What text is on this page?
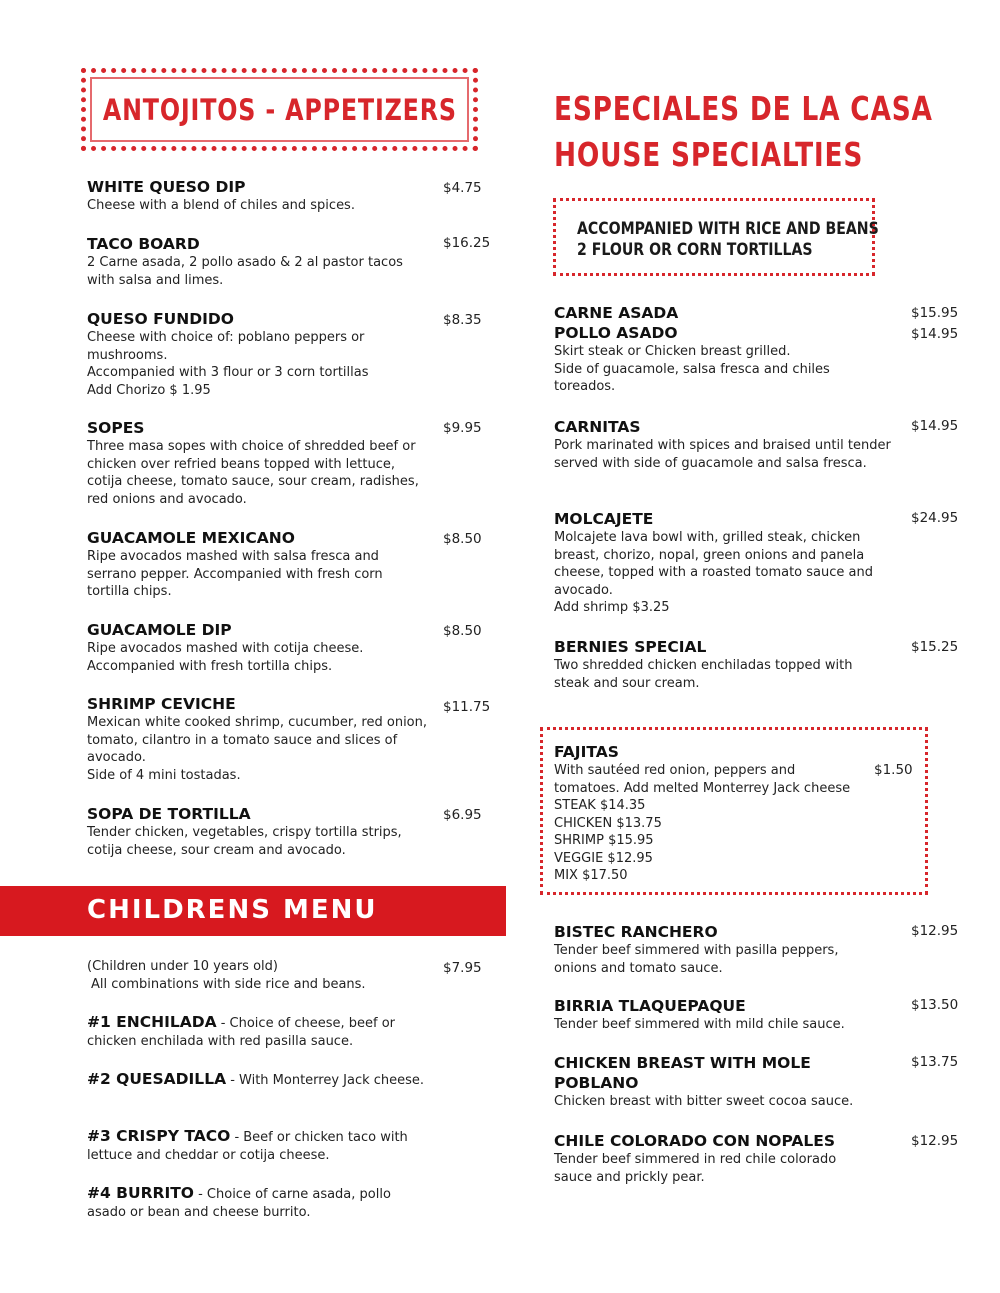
ANTOJITOS - APPETIZERS
WHITE QUESO DIP
Cheese with a blend of chiles and spices.
$4.75
TACO BOARD
2 Carne asada, 2 pollo asado & 2 al pastor tacos with salsa and limes.
$16.25
QUESO FUNDIDO
Cheese with choice of: poblano peppers or mushrooms.
Accompanied with 3 flour or 3 corn tortillas
Add Chorizo $ 1.95
$8.35
SOPES
Three masa sopes with choice of shredded beef or chicken over refried beans topped with lettuce, cotija cheese, tomato sauce, sour cream, radishes, red onions and avocado.
$9.95
GUACAMOLE MEXICANO
Ripe avocados mashed with salsa fresca and serrano pepper. Accompanied with fresh corn tortilla chips.
$8.50
GUACAMOLE DIP
Ripe avocados mashed with cotija cheese. Accompanied with fresh tortilla chips.
$8.50
SHRIMP CEVICHE
Mexican white cooked shrimp, cucumber, red onion, tomato, cilantro in a tomato sauce and slices of avocado.
Side of 4 mini tostadas.
$11.75
SOPA DE TORTILLA
Tender chicken, vegetables, crispy tortilla strips, cotija cheese, sour cream and avocado.
$6.95
CHILDRENS MENU
(Children under 10 years old)
All combinations with side rice and beans.
$7.95
#1 ENCHILADA - Choice of cheese, beef or chicken enchilada with red pasilla sauce.
#2 QUESADILLA - With Monterrey Jack cheese.
#3 CRISPY TACO - Beef or chicken taco with lettuce and cheddar or cotija cheese.
#4 BURRITO - Choice of carne asada, pollo asado or bean and cheese burrito.
ESPECIALES DE LA CASA
HOUSE SPECIALTIES
ACCOMPANIED WITH RICE AND BEANS
2 FLOUR OR CORN TORTILLAS
CARNE ASADA
POLLO ASADO
Skirt steak or Chicken breast grilled.
Side of guacamole, salsa fresca and chiles toreados.
$15.95
$14.95
CARNITAS
Pork marinated with spices and braised until tender served with side of guacamole and salsa fresca.
$14.95
MOLCAJETE
Molcajete lava bowl with, grilled steak, chicken breast, chorizo, nopal, green onions and panela cheese, topped with a roasted tomato sauce and avocado.
Add shrimp $3.25
$24.95
BERNIES SPECIAL
Two shredded chicken enchiladas topped with steak and sour cream.
$15.25
FAJITAS
With sautéed red onion, peppers and
tomatoes. Add melted Monterrey Jack cheese
STEAK $14.35
CHICKEN $13.75
SHRIMP $15.95
VEGGIE $12.95
MIX $17.50
$1.50
BISTEC RANCHERO
Tender beef simmered with pasilla peppers, onions and tomato sauce.
$12.95
BIRRIA TLAQUEPAQUE
Tender beef simmered with mild chile sauce.
$13.50
CHICKEN BREAST WITH MOLE POBLANO
Chicken breast with bitter sweet cocoa sauce.
$13.75
CHILE COLORADO CON NOPALES
Tender beef simmered in red chile colorado sauce and prickly pear.
$12.95
